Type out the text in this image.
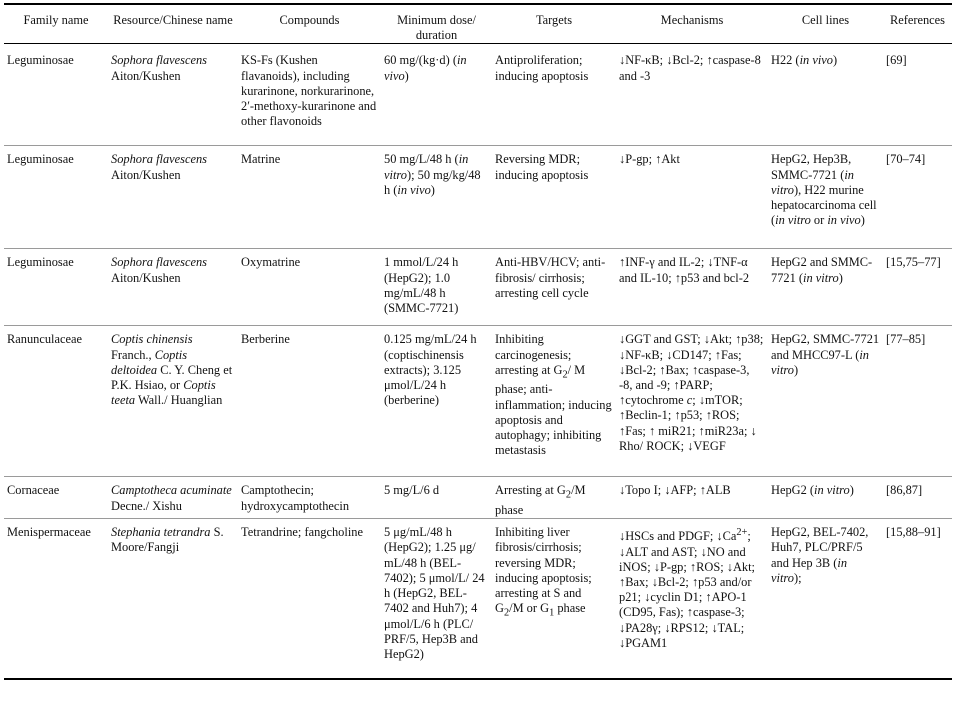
Family name	Resource/Chinese name	Compounds	Minimum dose/
duration	Targets	Mechanisms	Cell lines	References
Leguminosae	Sophora flavescens Aiton/Kushen	KS-Fs (Kushen flavanoids), including kurarinone, norkurarinone, 2′-methoxy-kurarinone and other flavonoids	60 mg/(kg·d) (in vivo)	Antiproliferation; inducing apoptosis	↓NF-κB; ↓Bcl-2; ↑caspase-8 and -3	H22 (in vivo)	[69]
Leguminosae	Sophora flavescens Aiton/Kushen	Matrine	50 mg/L/48 h (in vitro); 50 mg/kg/48 h (in vivo)	Reversing MDR; inducing apoptosis	↓P-gp; ↑Akt	HepG2, Hep3B, SMMC-7721 (in vitro), H22 murine hepatocarcinoma cell (in vitro or in vivo)	[70–74]
Leguminosae	Sophora flavescens Aiton/Kushen	Oxymatrine	1 mmol/L/24 h (HepG2); 1.0 mg/mL/48 h (SMMC-7721)	Anti-HBV/HCV; anti-fibrosis/ cirrhosis; arresting cell cycle	↑INF-γ and IL-2; ↓TNF-α and IL-10; ↑p53 and bcl-2	HepG2 and SMMC-7721 (in vitro)	[15,75–77]
Ranunculaceae	Coptis chinensis Franch., Coptis deltoidea C. Y. Cheng et P.K. Hsiao, or Coptis teeta Wall./ Huanglian	Berberine	0.125 mg/mL/24 h (coptischinensis extracts); 3.125 μmol/L/24 h (berberine)	Inhibiting carcinogenesis; arresting at $G_2/$ M phase; anti-inflammation; inducing apoptosis and autophagy; inhibiting metastasis	↓GGT and GST; ↓Akt; ↑p38; ↓NF-κB; ↓CD147; ↑Fas; ↓Bcl-2; ↑Bax; ↑caspase-3, -8, and -9; ↑PARP; ↑cytochrome c; ↓mTOR; ↑Beclin-1; ↑p53; ↑ROS; ↑Fas; ↑ miR21; ↑miR23a; ↓ Rho/ ROCK; ↓VEGF	HepG2, SMMC-7721 and MHCC97-L (in vitro)	[77–85]
Cornaceae	Camptotheca acuminate Decne./ Xishu	Camptothecin; hydroxycamptothecin	5 mg/L/6 d	Arresting at $G_2/M$ phase	↓Topo I; ↓AFP; ↑ALB	HepG2 (in vitro)	[86,87]
Menispermaceae	Stephania tetrandra S. Moore/Fangji	Tetrandrine; fangcholine	5 μg/mL/48 h (HepG2); 1.25 μg/ mL/48 h (BEL-7402); 5 μmol/L/ 24 h (HepG2, BEL-7402 and Huh7); 4 μmol/L/6 h (PLC/ PRF/5, Hep3B and HepG2)	Inhibiting liver fibrosis/cirrhosis; reversing MDR; inducing apoptosis; arresting at S and $G_2/M$ or $G_1$ phase	↓HSCs and PDGF; $↓Ca^{2+}$; ↓ALT and AST; ↓NO and iNOS; ↓P-gp; ↑ROS; ↓Akt; ↑Bax; ↓Bcl-2; ↑p53 and/or p21; ↓cyclin D1; ↑APO-1 (CD95, Fas); ↑caspase-3; ↓PA28γ; ↓RPS12; ↓TAL; ↓PGAM1	HepG2, BEL-7402, Huh7, PLC/PRF/5 and Hep 3B (in vitro);	[15,88–91]
